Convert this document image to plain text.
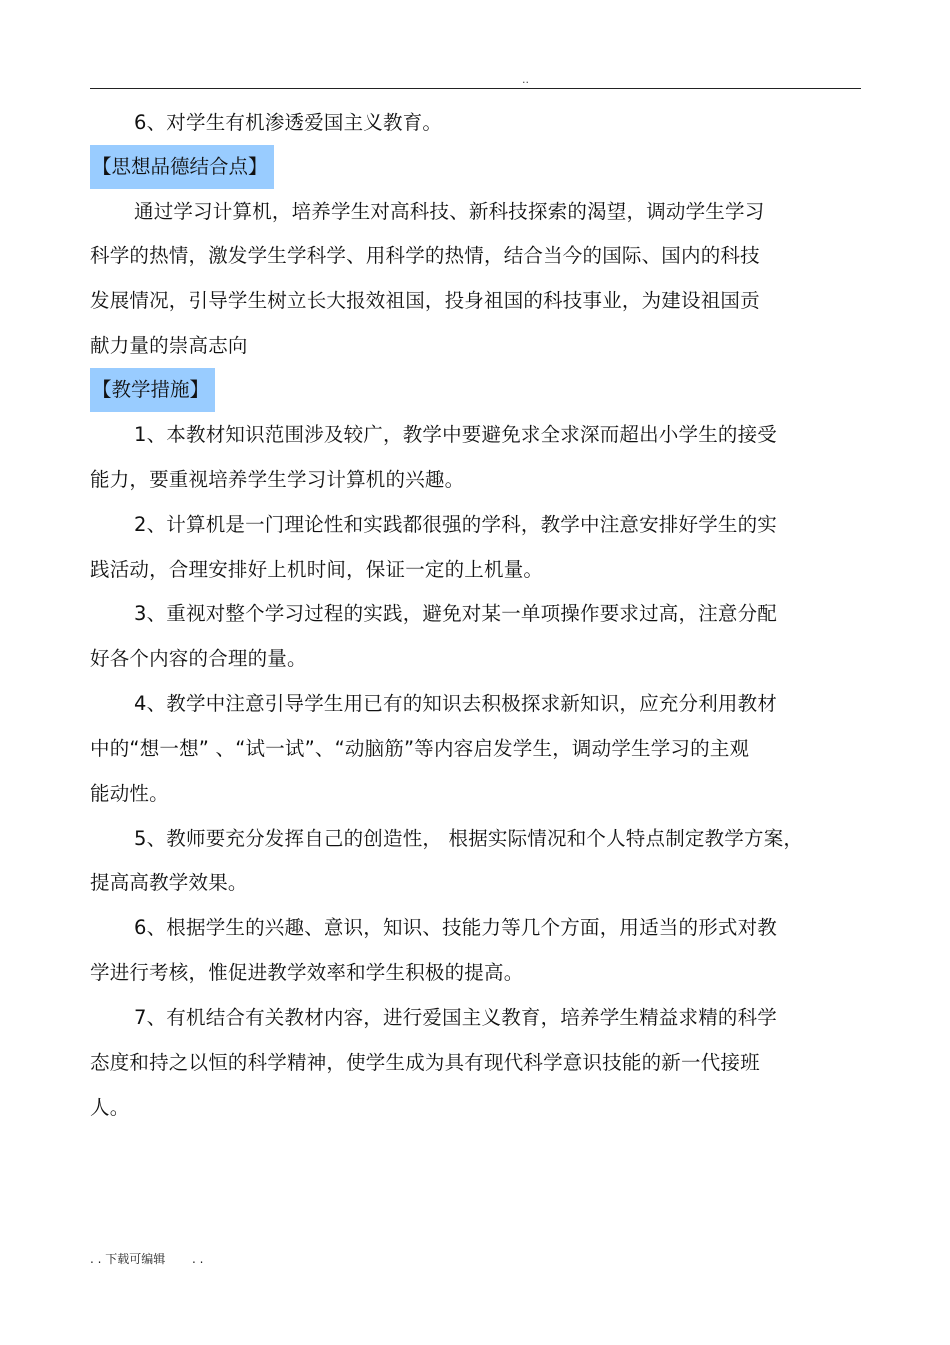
..
6、对学生有机渗透爱国主义教育。
【思想品德结合点】
通过学习计算机，培养学生对高科技、新科技探索的渴望，调动学生学习
科学的热情，激发学生学科学、用科学的热情，结合当今的国际、国内的科技
发展情况，引导学生树立长大报效祖国，投身祖国的科技事业，为建设祖国贡
献力量的崇高志向
【教学措施】
1、本教材知识范围涉及较广，教学中要避免求全求深而超出小学生的接受
能力，要重视培养学生学习计算机的兴趣。
2、计算机是一门理论性和实践都很强的学科，教学中注意安排好学生的实
践活动，合理安排好上机时间，保证一定的上机量。
3、重视对整个学习过程的实践，避免对某一单项操作要求过高，注意分配
好各个内容的合理的量。
4、教学中注意引导学生用已有的知识去积极探求新知识，应充分利用教材
中的“想一想” 、“试一试”、“动脑筋”等内容启发学生，调动学生学习的主观
能动性。
5、教师要充分发挥自己的创造性， 根据实际情况和个人特点制定教学方案，
提高高教学效果。
6、根据学生的兴趣、意识，知识、技能力等几个方面，用适当的形式对教
学进行考核，惟促进教学效率和学生积极的提高。
7、有机结合有关教材内容，进行爱国主义教育，培养学生精益求精的科学
态度和持之以恒的科学精神，使学生成为具有现代科学意识技能的新一代接班
人。
. . 下载可编辑       . .
